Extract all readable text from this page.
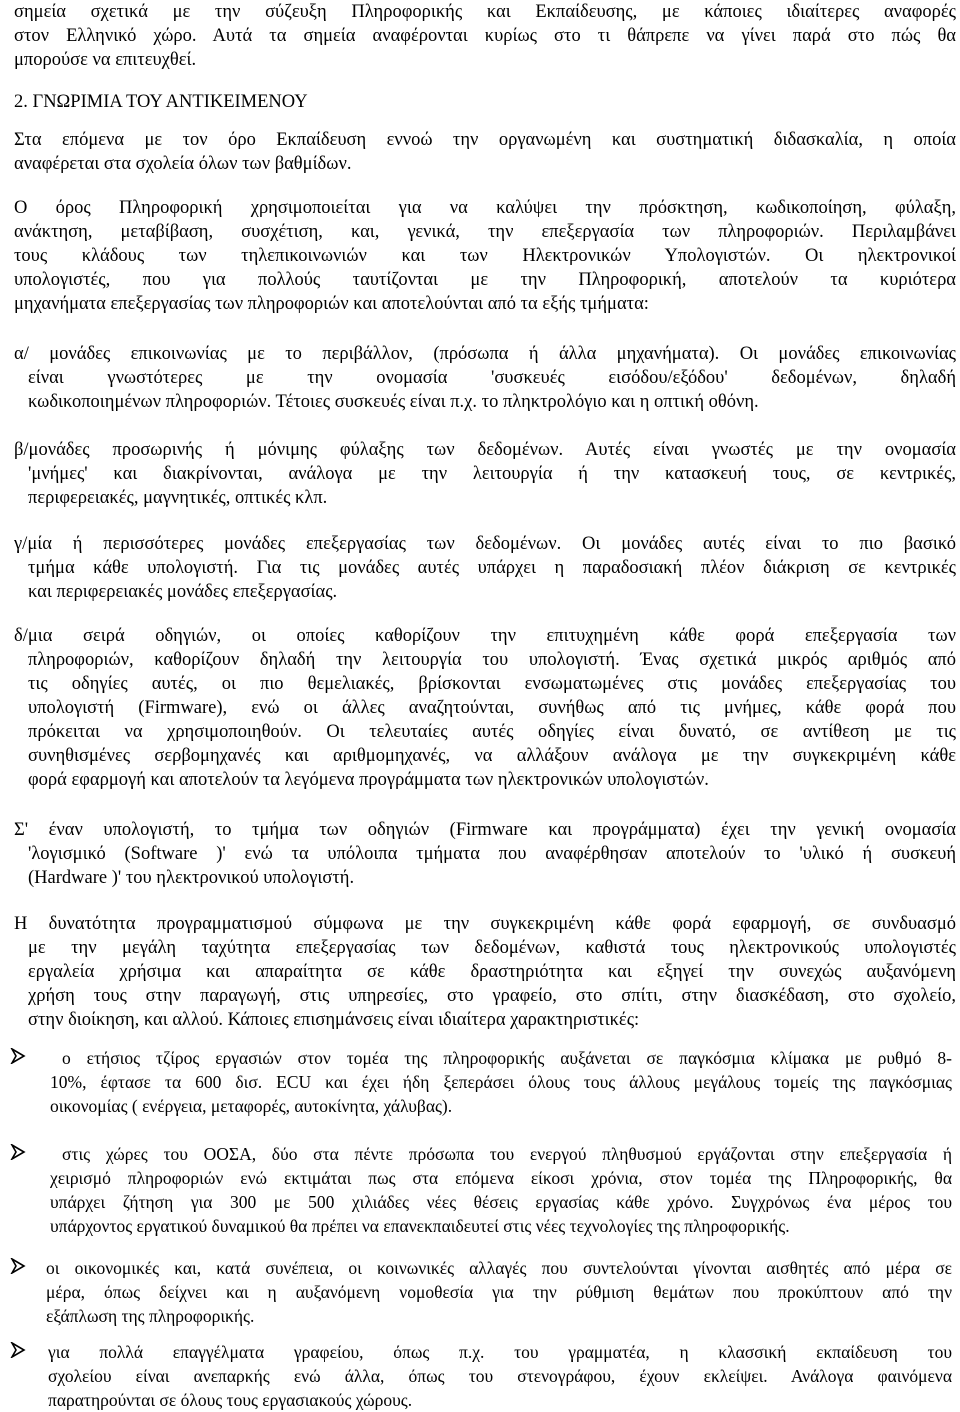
σημεία σχετικά με την σύζευξη Πληροφορικής και Εκπαίδευσης, με κάποιες ιδιαίτερες αναφορές
στον Ελληνικό χώρο. Αυτά τα σημεία αναφέρονται κυρίως στο τι θάπρεπε να γίνει παρά στο πώς θα
μπορούσε να επιτευχθεί.
2. ΓΝΩΡΙΜΙΑ ΤΟΥ ΑΝΤΙΚΕΙΜΕΝΟΥ
Στα επόμενα με τον όρο Εκπαίδευση εννοώ την οργανωμένη και συστηματική διδασκαλία, η οποία
αναφέρεται στα σχολεία όλων των βαθμίδων.
Ο όρος Πληροφορική χρησιμοποιείται για να καλύψει την πρόσκτηση, κωδικοποίηση, φύλαξη,
ανάκτηση, μεταβίβαση, συσχέτιση, και, γενικά, την επεξεργασία των πληροφοριών. Περιλαμβάνει
τους κλάδους των τηλεπικοινωνιών και των Ηλεκτρονικών Υπολογιστών. Οι ηλεκτρονικοί
υπολογιστές, που για πολλούς ταυτίζονται με την Πληροφορική, αποτελούν τα κυριότερα
μηχανήματα επεξεργασίας των πληροφοριών και αποτελούνται από τα εξής τμήματα:
α/ μονάδες επικοινωνίας με το περιβάλλον, (πρόσωπα ή άλλα μηχανήματα). Οι μονάδες επικοινωνίας
είναι γνωστότερες με την ονομασία 'συσκευές εισόδου/εξόδου' δεδομένων, δηλαδή
κωδικοποιημένων πληροφοριών. Τέτοιες συσκευές είναι π.χ. το πληκτρολόγιο και η οπτική οθόνη.
β/μονάδες προσωρινής ή μόνιμης φύλαξης των δεδομένων. Αυτές είναι γνωστές με την ονομασία
'μνήμες' και διακρίνονται, ανάλογα με την λειτουργία ή την κατασκευή τους, σε κεντρικές,
περιφερειακές, μαγνητικές, οπτικές κλπ.
γ/μία ή περισσότερες μονάδες επεξεργασίας των δεδομένων. Οι μονάδες αυτές είναι το πιο βασικό
τμήμα κάθε υπολογιστή. Για τις μονάδες αυτές υπάρχει η παραδοσιακή πλέον διάκριση σε κεντρικές
και περιφερειακές μονάδες επεξεργασίας.
δ/μια σειρά οδηγιών, οι οποίες καθορίζουν την επιτυχημένη κάθε φορά επεξεργασία των
πληροφοριών, καθορίζουν δηλαδή την λειτουργία του υπολογιστή. Ένας σχετικά μικρός αριθμός από
τις οδηγίες αυτές, οι πιο θεμελιακές, βρίσκονται ενσωματωμένες στις μονάδες επεξεργασίας του
υπολογιστή (Firmware), ενώ οι άλλες αναζητούνται, συνήθως από τις μνήμες, κάθε φορά που
πρόκειται να χρησιμοποιηθούν. Οι τελευταίες αυτές οδηγίες είναι δυνατό, σε αντίθεση με τις
συνηθισμένες σερβομηχανές και αριθμομηχανές, να αλλάξουν ανάλογα με την συγκεκριμένη κάθε
φορά εφαρμογή και αποτελούν τα λεγόμενα προγράμματα των ηλεκτρονικών υπολογιστών.
Σ' έναν υπολογιστή, το τμήμα των οδηγιών (Firmware και προγράμματα) έχει την γενική ονομασία
'λογισμικό (Software )' ενώ τα υπόλοιπα τμήματα που αναφέρθησαν αποτελούν το 'υλικό ή συσκευή
(Hardware )' του ηλεκτρονικού υπολογιστή.
Η δυνατότητα προγραμματισμού σύμφωνα με την συγκεκριμένη κάθε φορά εφαρμογή, σε συνδυασμό
με την μεγάλη ταχύτητα επεξεργασίας των δεδομένων, καθιστά τους ηλεκτρονικούς υπολογιστές
εργαλεία χρήσιμα και απαραίτητα σε κάθε δραστηριότητα και εξηγεί την συνεχώς αυξανόμενη
χρήση τους στην παραγωγή, στις υπηρεσίες, στο γραφείο, στο σπίτι, στην διασκέδαση, στο σχολείο,
στην διοίκηση, και αλλού. Κάποιες επισημάνσεις είναι ιδιαίτερα χαρακτηριστικές:
ο ετήσιος τζίρος εργασιών στον τομέα της πληροφορικής αυξάνεται σε παγκόσμια κλίμακα με ρυθμό 8-
10%, έφτασε τα 600 δισ. ECU και έχει ήδη ξεπεράσει όλους τους άλλους μεγάλους τομείς της παγκόσμιας
οικονομίας ( ενέργεια, μεταφορές, αυτοκίνητα, χάλυβας).
στις χώρες του ΟΟΣΑ, δύο στα πέντε πρόσωπα του ενεργού πληθυσμού εργάζονται στην επεξεργασία ή
χειρισμό πληροφοριών ενώ εκτιμάται πως στα επόμενα είκοσι χρόνια, στον τομέα της Πληροφορικής, θα
υπάρχει ζήτηση για 300 με 500 χιλιάδες νέες θέσεις εργασίας κάθε χρόνο. Συγχρόνως ένα μέρος του
υπάρχοντος εργατικού δυναμικού θα πρέπει να επανεκπαιδευτεί στις νέες τεχνολογίες της πληροφορικής.
οι οικονομικές και, κατά συνέπεια, οι κοινωνικές αλλαγές που συντελούνται γίνονται αισθητές από μέρα σε
μέρα, όπως δείχνει και η αυξανόμενη νομοθεσία για την ρύθμιση θεμάτων που προκύπτουν από την
εξάπλωση της πληροφορικής.
για πολλά επαγγέλματα γραφείου, όπως π.χ. του γραμματέα, η κλασσική εκπαίδευση του
σχολείου είναι ανεπαρκής ενώ άλλα, όπως του στενογράφου, έχουν εκλείψει. Ανάλογα φαινόμενα
παρατηρούνται σε όλους τους εργασιακούς χώρους.
